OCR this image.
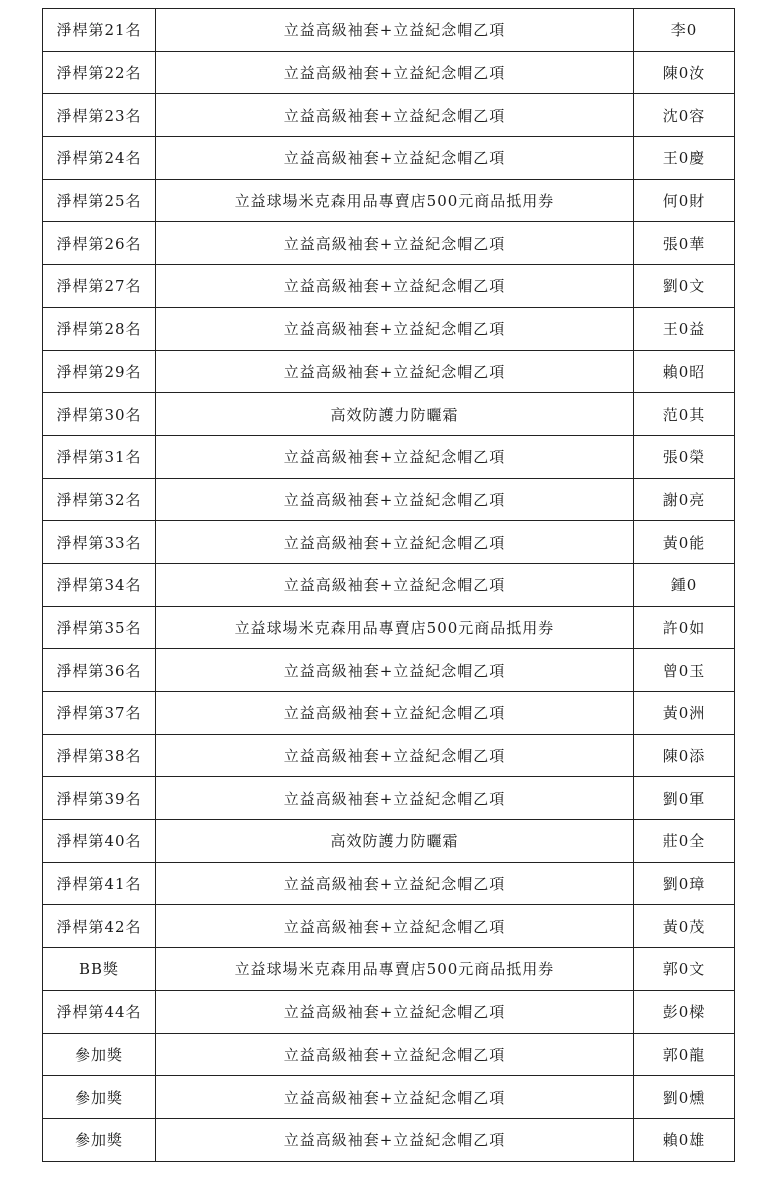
淨桿第21名	立益高級袖套+立益紀念帽乙項	李0
淨桿第22名	立益高級袖套+立益紀念帽乙項	陳0汝
淨桿第23名	立益高級袖套+立益紀念帽乙項	沈0容
淨桿第24名	立益高級袖套+立益紀念帽乙項	王0慶
淨桿第25名	立益球場米克森用品專賣店500元商品抵用券	何0財
淨桿第26名	立益高級袖套+立益紀念帽乙項	張0華
淨桿第27名	立益高級袖套+立益紀念帽乙項	劉0文
淨桿第28名	立益高級袖套+立益紀念帽乙項	王0益
淨桿第29名	立益高級袖套+立益紀念帽乙項	賴0昭
淨桿第30名	高效防護力防曬霜	范0其
淨桿第31名	立益高級袖套+立益紀念帽乙項	張0榮
淨桿第32名	立益高級袖套+立益紀念帽乙項	謝0亮
淨桿第33名	立益高級袖套+立益紀念帽乙項	黃0能
淨桿第34名	立益高級袖套+立益紀念帽乙項	鍾0
淨桿第35名	立益球場米克森用品專賣店500元商品抵用券	許0如
淨桿第36名	立益高級袖套+立益紀念帽乙項	曾0玉
淨桿第37名	立益高級袖套+立益紀念帽乙項	黃0洲
淨桿第38名	立益高級袖套+立益紀念帽乙項	陳0添
淨桿第39名	立益高級袖套+立益紀念帽乙項	劉0軍
淨桿第40名	高效防護力防曬霜	莊0全
淨桿第41名	立益高級袖套+立益紀念帽乙項	劉0璋
淨桿第42名	立益高級袖套+立益紀念帽乙項	黃0茂
BB獎	立益球場米克森用品專賣店500元商品抵用券	郭0文
淨桿第44名	立益高級袖套+立益紀念帽乙項	彭0樑
參加獎	立益高級袖套+立益紀念帽乙項	郭0龍
參加獎	立益高級袖套+立益紀念帽乙項	劉0燻
參加獎	立益高級袖套+立益紀念帽乙項	賴0雄
